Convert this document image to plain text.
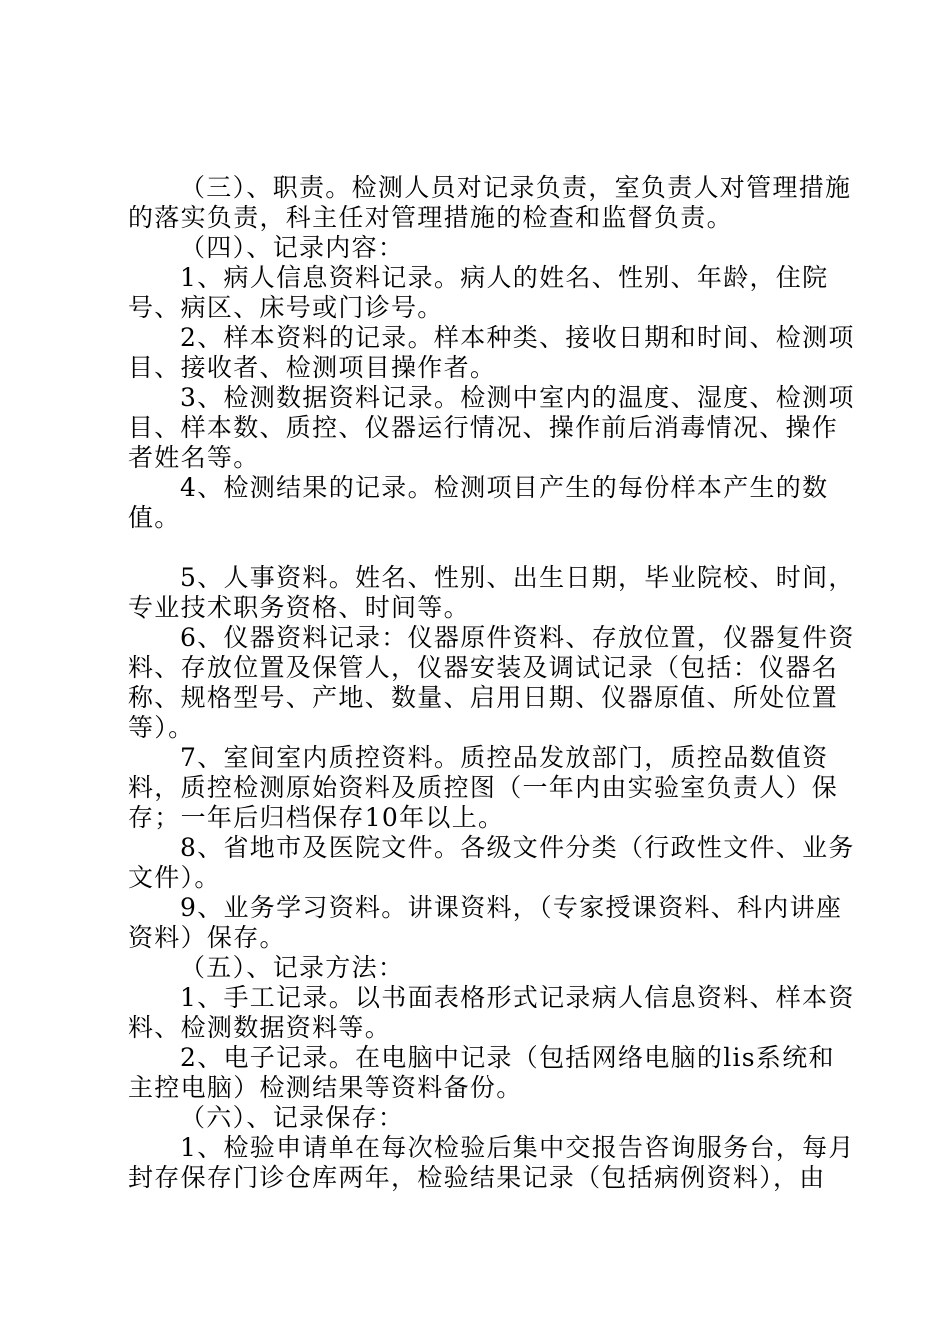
（三）、职责。检测人员对记录负责，室负责人对管理措施的落实负责，科主任对管理措施的检查和监督负责。

（四）、记录内容：

1、病人信息资料记录。病人的姓名、性别、年龄，住院号、病区、床号或门诊号。

2、样本资料的记录。样本种类、接收日期和时间、检测项目、接收者、检测项目操作者。

3、检测数据资料记录。检测中室内的温度、湿度、检测项目、样本数、质控、仪器运行情况、操作前后消毒情况、操作者姓名等。

4、检测结果的记录。检测项目产生的每份样本产生的数值。

5、人事资料。姓名、性别、出生日期，毕业院校、时间，专业技术职务资格、时间等。

6、仪器资料记录：仪器原件资料、存放位置，仪器复件资料、存放位置及保管人，仪器安装及调试记录（包括：仪器名称、规格型号、产地、数量、启用日期、仪器原值、所处位置等）。

7、室间室内质控资料。质控品发放部门，质控品数值资料，质控检测原始资料及质控图（一年内由实验室负责人）保存；一年后归档保存10年以上。

8、省地市及医院文件。各级文件分类（行政性文件、业务文件）。

9、业务学习资料。讲课资料，（专家授课资料、科内讲座资料）保存。

（五）、记录方法：

1、手工记录。以书面表格形式记录病人信息资料、样本资料、检测数据资料等。

2、电子记录。在电脑中记录（包括网络电脑的lis系统和主控电脑）检测结果等资料备份。

（六）、记录保存：

1、检验申请单在每次检验后集中交报告咨询服务台，每月封存保存门诊仓库两年，检验结果记录（包括病例资料），由
